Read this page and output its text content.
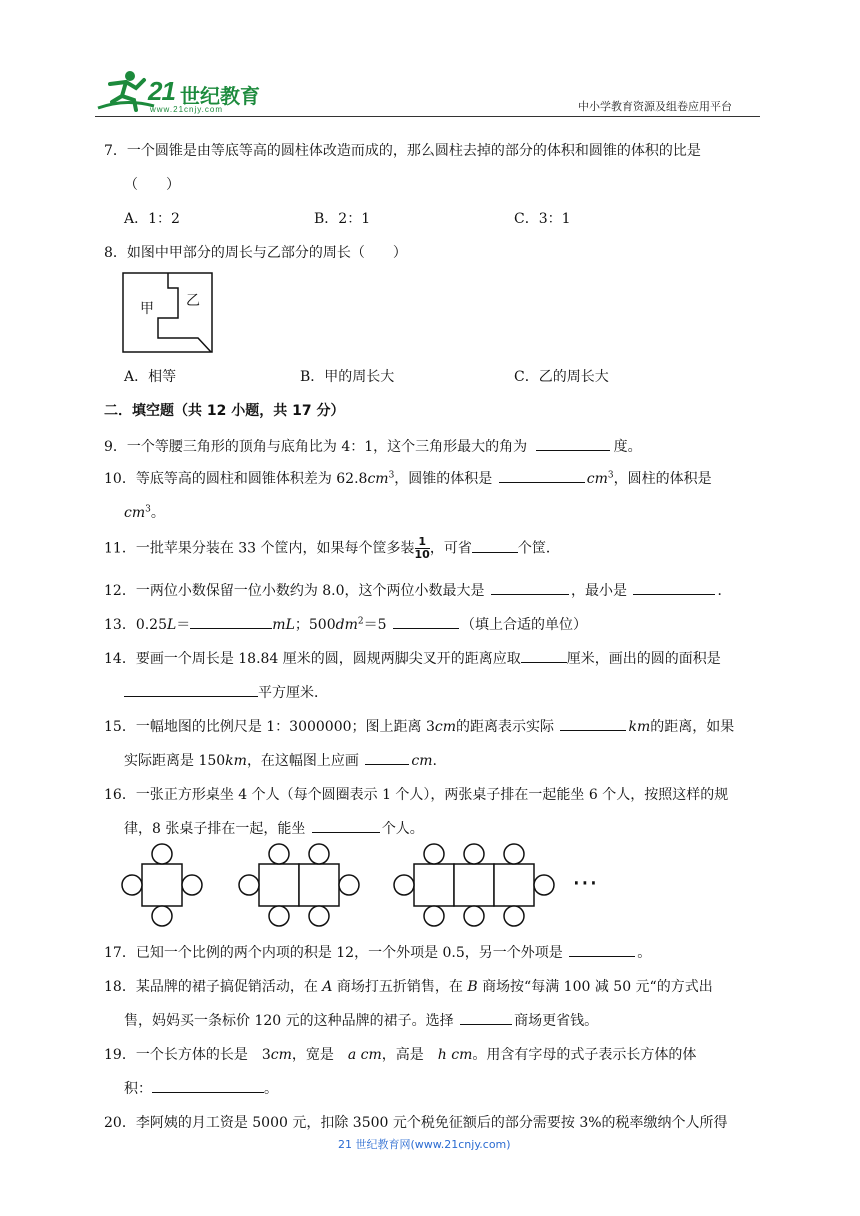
21 世纪教育
www.21cnjy.com	中小学教育资源及组卷应用平台
7．一个圆锥是由等底等高的圆柱体改造而成的，那么圆柱去掉的部分的体积和圆锥的体积的比是
（　　）
A．1：2	B．2：1	C．3：1
8．如图中甲部分的周长与乙部分的周长（　　）
甲 乙
A．相等	B．甲的周长大	C．乙的周长大
二．填空题（共 12 小题，共 17 分）
9．一个等腰三角形的顶角与底角比为 4：1，这个三角形最大的角为	度。
10．等底等高的圆柱和圆锥体积差为 $62.8cm^3$，圆锥的体积是	$cm^3$，圆柱的体积是
$cm^3$。
11．一批苹果分装在 33 个筐内，如果每个筐多装 $\frac{1}{10}$ ，可省	个筐．
12．一两位小数保留一位小数约为 8.0，这个两位小数最大是	，最小是	．
13．0.25L＝	mL；$500dm^2=5$	（填上合适的单位）
14．要画一个周长是 18.84 厘米的圆，圆规两脚尖叉开的距离应取	厘米，画出的圆的面积是
平方厘米．
15．一幅地图的比例尺是 1：3000000；图上距离 3cm的距离表示实际	km的距离，如果
实际距离是 150km，在这幅图上应画	cm.
16．一张正方形桌坐 4 个人（每个圆圈表示 1 个人），两张桌子排在一起能坐 6 个人，按照这样的规
律，8 张桌子排在一起，能坐	个人。
⋯
17．已知一个比例的两个内项的积是 12，一个外项是 0.5，另一个外项是	。
18．某品牌的裙子搞促销活动，在 A 商场打五折销售，在 B 商场按“每满 100 减 50 元“的方式出
售，妈妈买一条标价 120 元的这种品牌的裙子。选择	商场更省钱。
19．一个长方体的长是　3cm，宽是　a cm，高是　h cm。用含有字母的式子表示长方体的体
积：	。
20．李阿姨的月工资是 5000 元，扣除 3500 元个税免征额后的部分需要按 3%的税率缴纳个人所得
21 世纪教育网(www.21cnjy.com)
